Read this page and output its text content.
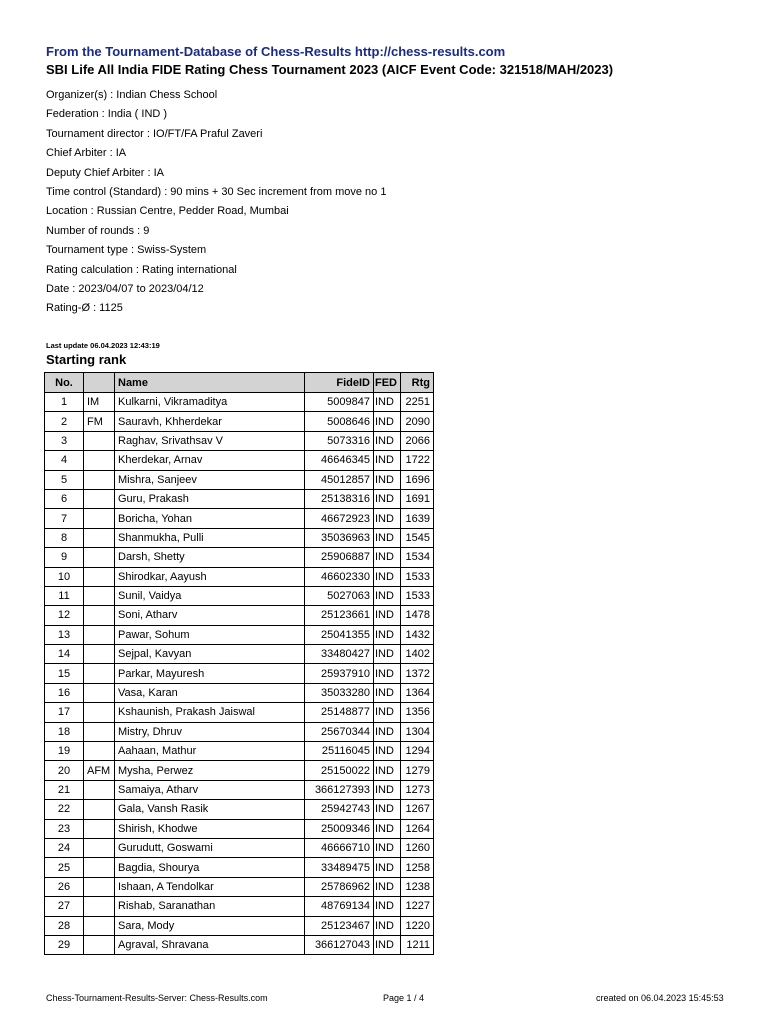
From the Tournament-Database of Chess-Results http://chess-results.com
SBI Life All India FIDE Rating Chess Tournament 2023 (AICF Event Code: 321518/MAH/2023)
Organizer(s) : Indian Chess School
Federation : India ( IND )
Tournament director : IO/FT/FA Praful Zaveri
Chief Arbiter : IA
Deputy Chief Arbiter : IA
Time control (Standard) : 90 mins + 30 Sec increment from move no 1
Location : Russian Centre, Pedder Road, Mumbai
Number of rounds : 9
Tournament type : Swiss-System
Rating calculation : Rating international
Date : 2023/04/07 to 2023/04/12
Rating-Ø : 1125
Last update 06.04.2023 12:43:19
Starting rank
No.		Name	FideID	FED	Rtg
1	IM	Kulkarni, Vikramaditya	5009847	IND	2251
2	FM	Sauravh, Khherdekar	5008646	IND	2090
3		Raghav, Srivathsav V	5073316	IND	2066
4		Kherdekar, Arnav	46646345	IND	1722
5		Mishra, Sanjeev	45012857	IND	1696
6		Guru, Prakash	25138316	IND	1691
7		Boricha, Yohan	46672923	IND	1639
8		Shanmukha, Pulli	35036963	IND	1545
9		Darsh, Shetty	25906887	IND	1534
10		Shirodkar, Aayush	46602330	IND	1533
11		Sunil, Vaidya	5027063	IND	1533
12		Soni, Atharv	25123661	IND	1478
13		Pawar, Sohum	25041355	IND	1432
14		Sejpal, Kavyan	33480427	IND	1402
15		Parkar, Mayuresh	25937910	IND	1372
16		Vasa, Karan	35033280	IND	1364
17		Kshaunish, Prakash Jaiswal	25148877	IND	1356
18		Mistry, Dhruv	25670344	IND	1304
19		Aahaan, Mathur	25116045	IND	1294
20	AFM	Mysha, Perwez	25150022	IND	1279
21		Samaiya, Atharv	366127393	IND	1273
22		Gala, Vansh Rasik	25942743	IND	1267
23		Shirish, Khodwe	25009346	IND	1264
24		Gurudutt, Goswami	46666710	IND	1260
25		Bagdia, Shourya	33489475	IND	1258
26		Ishaan, A Tendolkar	25786962	IND	1238
27		Rishab, Saranathan	48769134	IND	1227
28		Sara, Mody	25123467	IND	1220
29		Agraval, Shravana	366127043	IND	1211
Chess-Tournament-Results-Server: Chess-Results.com	Page 1 / 4	created on 06.04.2023 15:45:53
